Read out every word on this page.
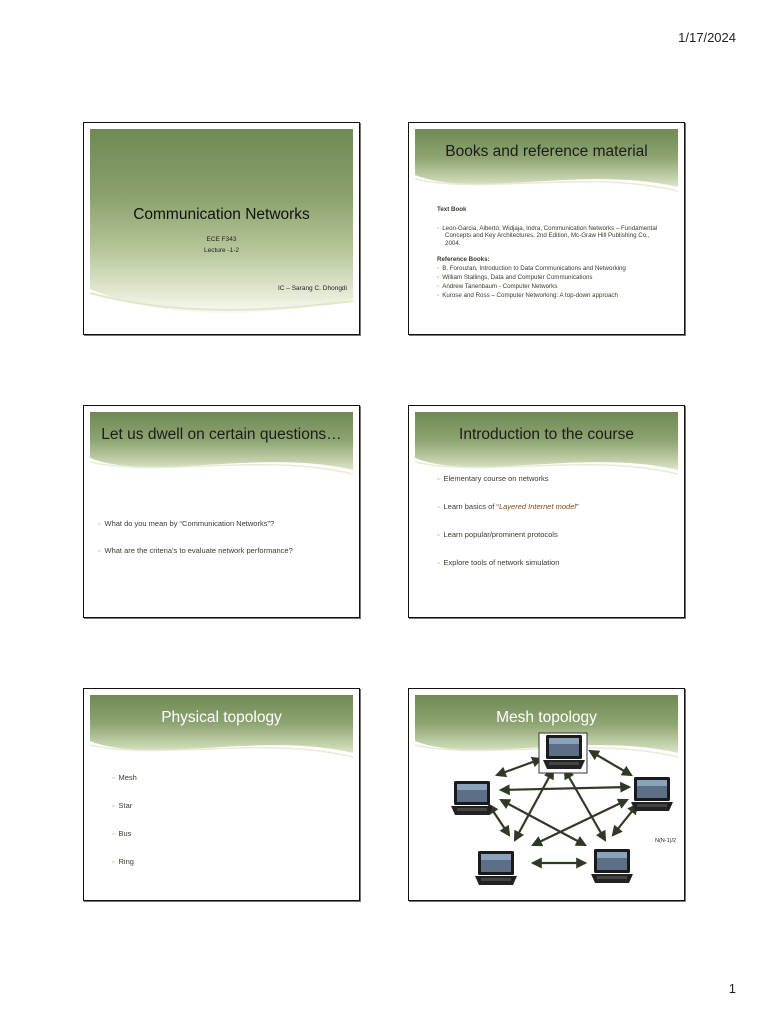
1/17/2024
Communication Networks
ECE F343
Lecture -1-2
IC – Sarang C. Dhongdi
Books and reference material
Text Book
▫ Leon-Garcia, Alberto; Widjaja, Indra, Communication Networks – Fundamental Concepts and Key Architectures, 2nd Edition, Mc-Graw Hill Publishing Co., 2004.
Reference Books:
▫ B. Forouzan, Introduction to Data Communications and Networking
▫ William Stallings, Data and Computer Communications
▫ Andrew Tanenbaum - Computer Networks
▫ Kurose and Ross – Computer Networking: A top-down approach
Let us dwell on certain questions…
▫ What do you mean by “Communication Networks”?
▫ What are the criteria’s to evaluate network performance?
Introduction to the course
▫ Elementary course on networks
▫ Learn basics of “Layered Internet model”
▫ Learn popular/prominent protocols
▫ Explore tools of network simulation
Physical topology
▫ Mesh
▫ Star
▫ Bus
▫ Ring
Mesh topology
N(N-1)/2
1
